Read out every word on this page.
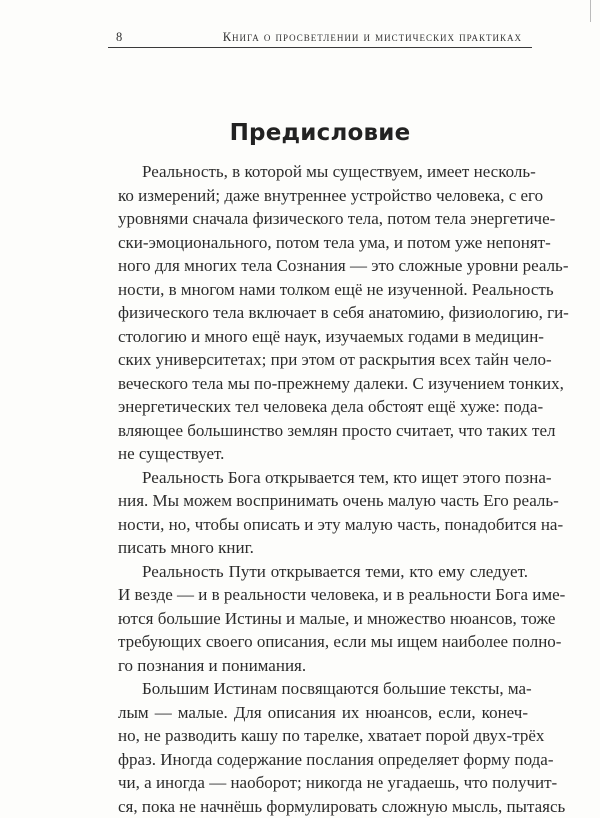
8	Книга о просветлении и мистических практиках
Предисловие
Реальность, в которой мы существуем, имеет несколь-
ко измерений; даже внутреннее устройство человека, с его
уровнями сначала физического тела, потом тела энергетиче-
ски-эмоционального, потом тела ума, и потом уже непонят-
ного для многих тела Сознания — это сложные уровни реаль-
ности, в многом нами толком ещё не изученной. Реальность
физического тела включает в себя анатомию, физиологию, ги-
стологию и много ещё наук, изучаемых годами в медицин-
ских университетах; при этом от раскрытия всех тайн чело-
веческого тела мы по-прежнему далеки. С изучением тонких,
энергетических тел человека дела обстоят ещё хуже: пода-
вляющее большинство землян просто считает, что таких тел
не существует.
Реальность Бога открывается тем, кто ищет этого позна-
ния. Мы можем воспринимать очень малую часть Его реаль-
ности, но, чтобы описать и эту малую часть, понадобится на-
писать много книг.
Реальность Пути открывается теми, кто ему следует.
И везде — и в реальности человека, и в реальности Бога име-
ются большие Истины и малые, и множество нюансов, тоже
требующих своего описания, если мы ищем наиболее полно-
го познания и понимания.
Большим Истинам посвящаются большие тексты, ма-
лым — малые. Для описания их нюансов, если, конеч-
но, не разводить кашу по тарелке, хватает порой двух-трёх
фраз. Иногда содержание послания определяет форму пода-
чи, а иногда — наоборот; никогда не угадаешь, что получит-
ся, пока не начнёшь формулировать сложную мысль, пытаясь
